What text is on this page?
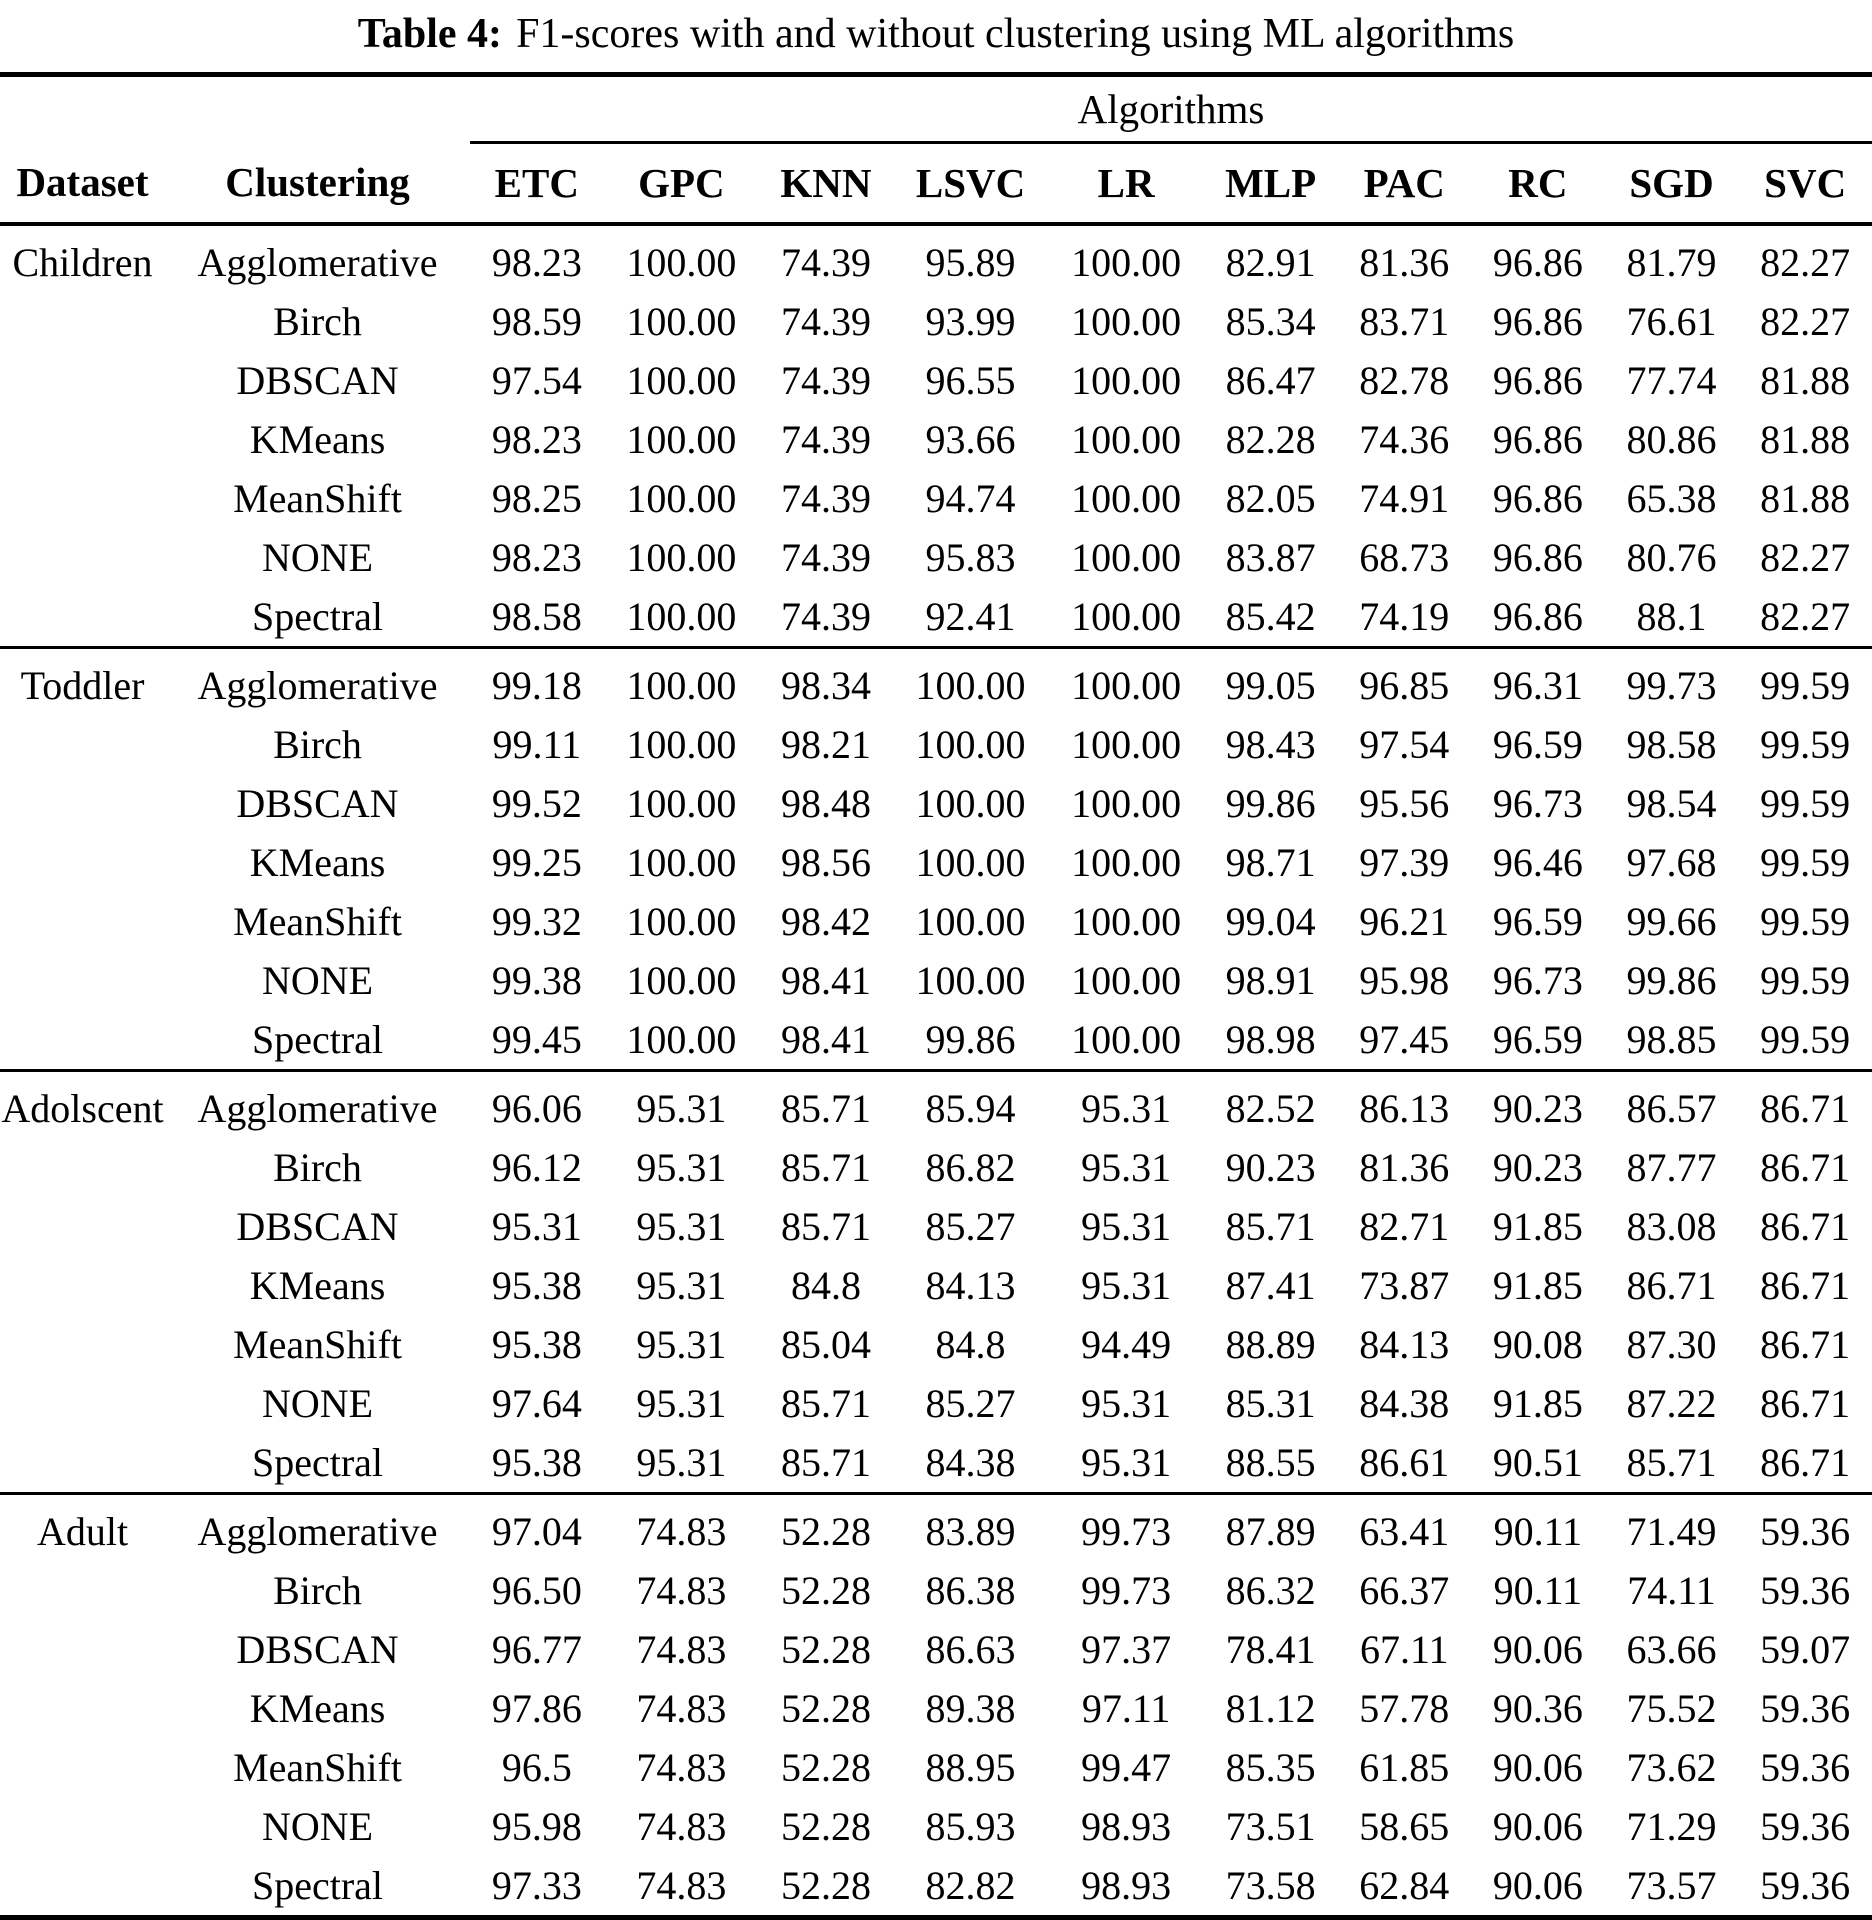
Table 4: F1-scores with and without clustering using ML algorithms
		Algorithms									
Dataset	Clustering	ETC	GPC	KNN	LSVC	LR	MLP	PAC	RC	SGD	SVC
Children	Agglomerative	98.23	100.00	74.39	95.89	100.00	82.91	81.36	96.86	81.79	82.27
	Birch	98.59	100.00	74.39	93.99	100.00	85.34	83.71	96.86	76.61	82.27
	DBSCAN	97.54	100.00	74.39	96.55	100.00	86.47	82.78	96.86	77.74	81.88
	KMeans	98.23	100.00	74.39	93.66	100.00	82.28	74.36	96.86	80.86	81.88
	MeanShift	98.25	100.00	74.39	94.74	100.00	82.05	74.91	96.86	65.38	81.88
	NONE	98.23	100.00	74.39	95.83	100.00	83.87	68.73	96.86	80.76	82.27
	Spectral	98.58	100.00	74.39	92.41	100.00	85.42	74.19	96.86	88.1	82.27
Toddler	Agglomerative	99.18	100.00	98.34	100.00	100.00	99.05	96.85	96.31	99.73	99.59
	Birch	99.11	100.00	98.21	100.00	100.00	98.43	97.54	96.59	98.58	99.59
	DBSCAN	99.52	100.00	98.48	100.00	100.00	99.86	95.56	96.73	98.54	99.59
	KMeans	99.25	100.00	98.56	100.00	100.00	98.71	97.39	96.46	97.68	99.59
	MeanShift	99.32	100.00	98.42	100.00	100.00	99.04	96.21	96.59	99.66	99.59
	NONE	99.38	100.00	98.41	100.00	100.00	98.91	95.98	96.73	99.86	99.59
	Spectral	99.45	100.00	98.41	99.86	100.00	98.98	97.45	96.59	98.85	99.59
Adolscent	Agglomerative	96.06	95.31	85.71	85.94	95.31	82.52	86.13	90.23	86.57	86.71
	Birch	96.12	95.31	85.71	86.82	95.31	90.23	81.36	90.23	87.77	86.71
	DBSCAN	95.31	95.31	85.71	85.27	95.31	85.71	82.71	91.85	83.08	86.71
	KMeans	95.38	95.31	84.8	84.13	95.31	87.41	73.87	91.85	86.71	86.71
	MeanShift	95.38	95.31	85.04	84.8	94.49	88.89	84.13	90.08	87.30	86.71
	NONE	97.64	95.31	85.71	85.27	95.31	85.31	84.38	91.85	87.22	86.71
	Spectral	95.38	95.31	85.71	84.38	95.31	88.55	86.61	90.51	85.71	86.71
Adult	Agglomerative	97.04	74.83	52.28	83.89	99.73	87.89	63.41	90.11	71.49	59.36
	Birch	96.50	74.83	52.28	86.38	99.73	86.32	66.37	90.11	74.11	59.36
	DBSCAN	96.77	74.83	52.28	86.63	97.37	78.41	67.11	90.06	63.66	59.07
	KMeans	97.86	74.83	52.28	89.38	97.11	81.12	57.78	90.36	75.52	59.36
	MeanShift	96.5	74.83	52.28	88.95	99.47	85.35	61.85	90.06	73.62	59.36
	NONE	95.98	74.83	52.28	85.93	98.93	73.51	58.65	90.06	71.29	59.36
	Spectral	97.33	74.83	52.28	82.82	98.93	73.58	62.84	90.06	73.57	59.36
